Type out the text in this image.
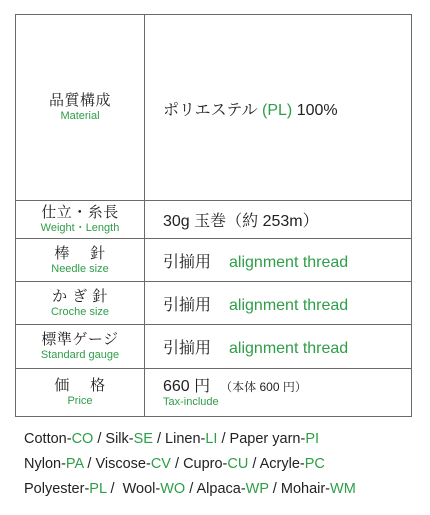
品質構成
Material	ポリエステル (PL) 100%

仕立・糸長
Weight・Length	30g 玉巻（約 253m）

棒　 針
Needle size	引揃用 alignment thread

か ぎ 針
Croche size	引揃用 alignment thread

標準ゲージ
Standard gauge	引揃用 alignment thread

価　 格
Price	660 円 （本体 600 円）
Tax-include
Cotton-CO / Silk-SE / Linen-LI / Paper yarn-PI
Nylon-PA / Viscose-CV / Cupro-CU / Acryle-PC
Polyester-PL /  Wool-WO / Alpaca-WP / Mohair-WM
